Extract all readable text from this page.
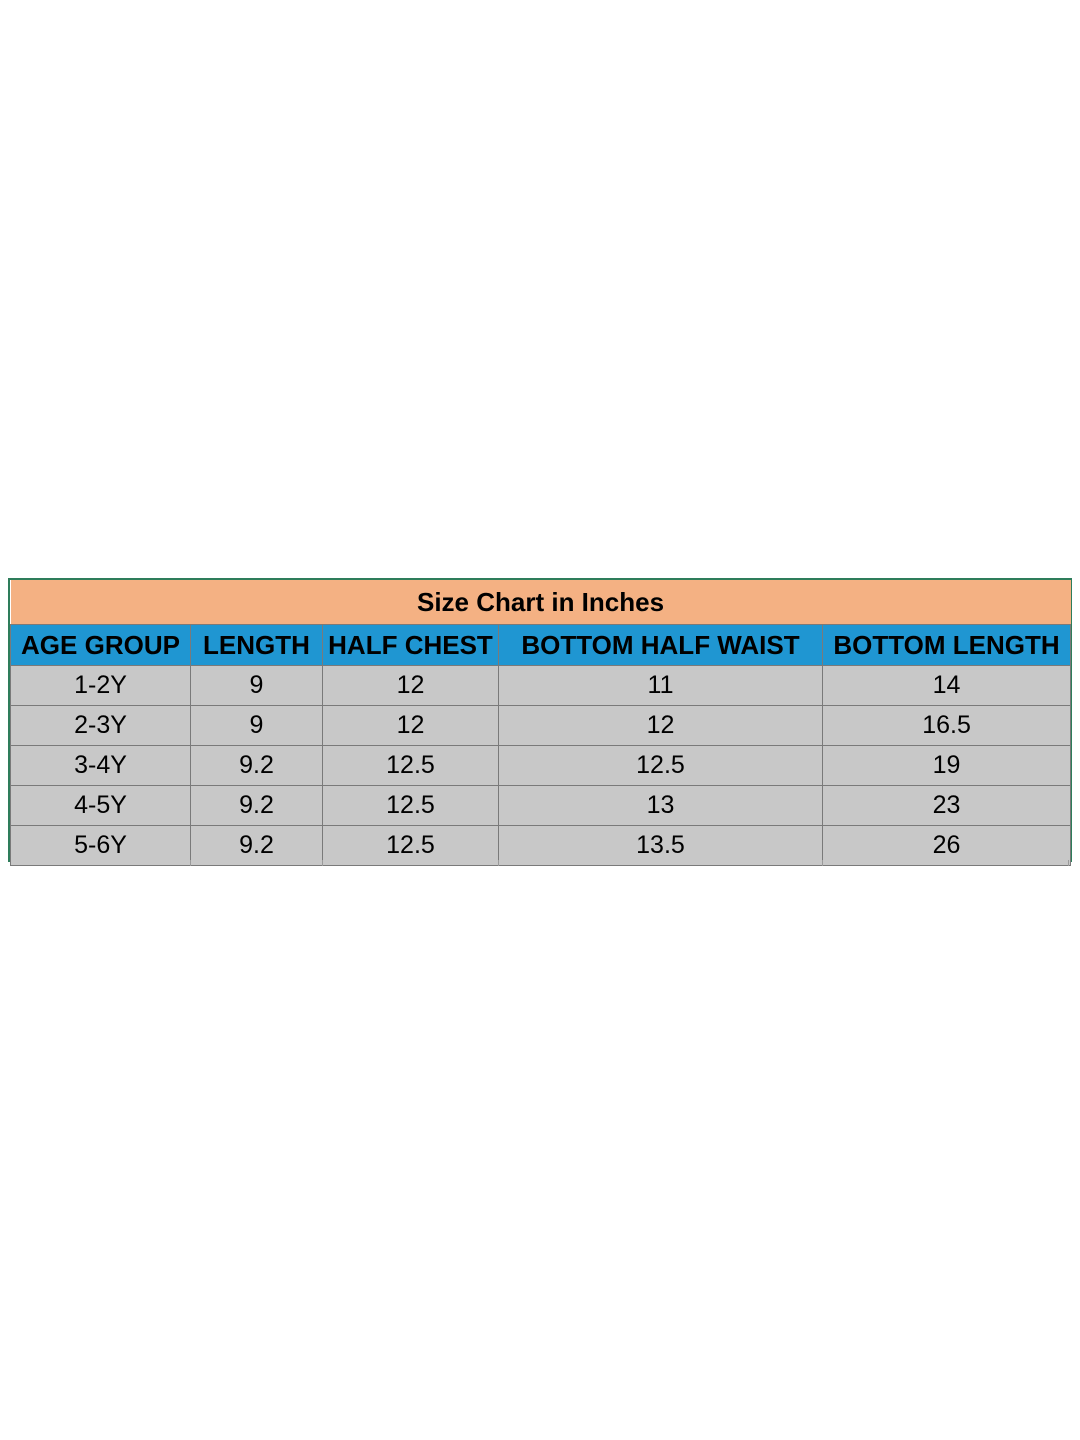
Size Chart in Inches				
AGE GROUP	LENGTH	HALF CHEST	BOTTOM HALF WAIST	BOTTOM LENGTH
1-2Y	9	12	11	14
2-3Y	9	12	12	16.5
3-4Y	9.2	12.5	12.5	19
4-5Y	9.2	12.5	13	23
5-6Y	9.2	12.5	13.5	26
